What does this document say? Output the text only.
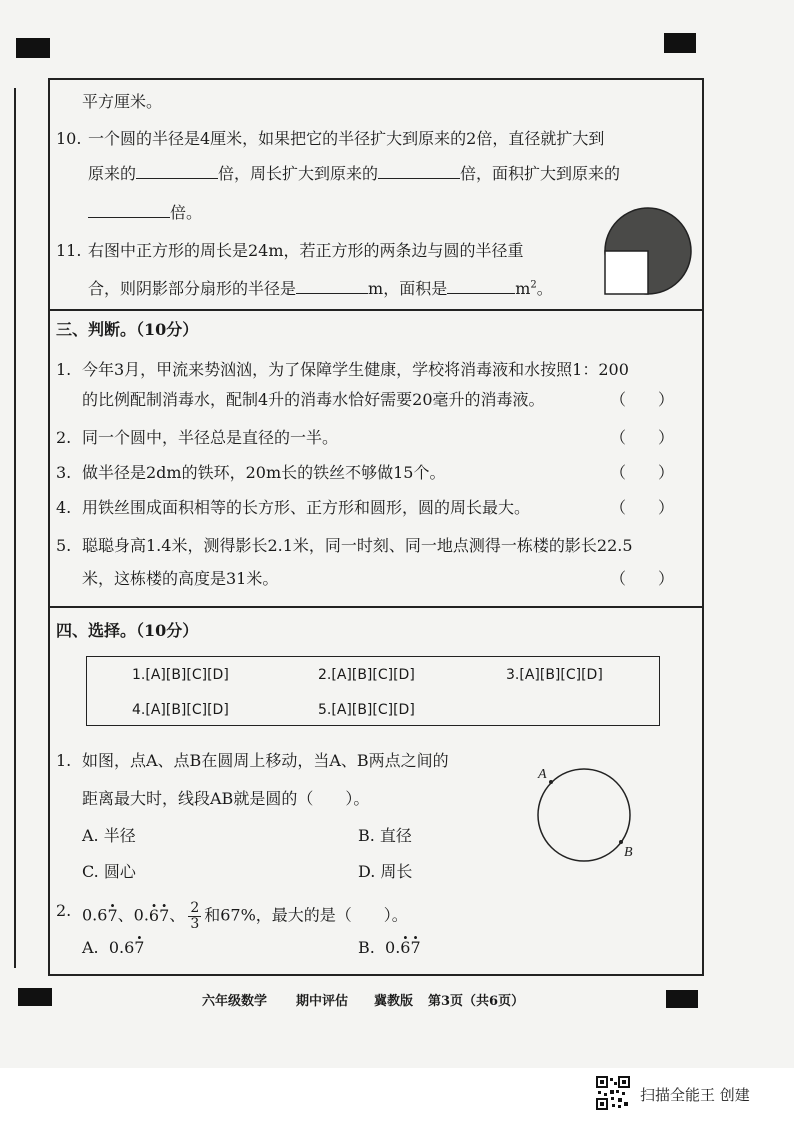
平方厘米。
10. 一个圆的半径是4厘米，如果把它的半径扩大到原来的2倍，直径就扩大到
原来的	倍，周长扩大到原来的	倍，面积扩大到原来的
倍。
11. 右图中正方形的周长是24m，若正方形的两条边与圆的半径重
合，则阴影部分扇形的半径是	m，面积是	$m^2$。
三、判断。（10分）
1. 今年3月，甲流来势汹汹，为了保障学生健康，学校将消毒液和水按照1：200
的比例配制消毒水，配制4升的消毒水恰好需要20毫升的消毒液。	（　　）
2. 同一个圆中，半径总是直径的一半。	（　　）
3. 做半径是2dm的铁环，20m长的铁丝不够做15个。	（　　）
4. 用铁丝围成面积相等的长方形、正方形和圆形，圆的周长最大。	（　　）
5. 聪聪身高1.4米，测得影长2.1米，同一时刻、同一地点测得一栋楼的影长22.5
米，这栋楼的高度是31米。	（　　）
四、选择。（10分）
1.[A][B][C][D]	2.[A][B][C][D]	3.[A][B][C][D]
4.[A][B][C][D]	5.[A][B][C][D]
1. 如图，点A、点B在圆周上移动，当A、B两点之间的
距离最大时，线段AB就是圆的（　　）。
A. 半径	B. 直径
C. 圆心	D. 周长
A
B
2. 0.6· 7、0.· 6· 7、 $\frac{2}{3}$ 和67%，最大的是（　　）。
A. 0.6· 7	B. 0.· 6· 7
六年级数学 期中评估 冀教版 第3页（共6页）
扫描全能王 创建
